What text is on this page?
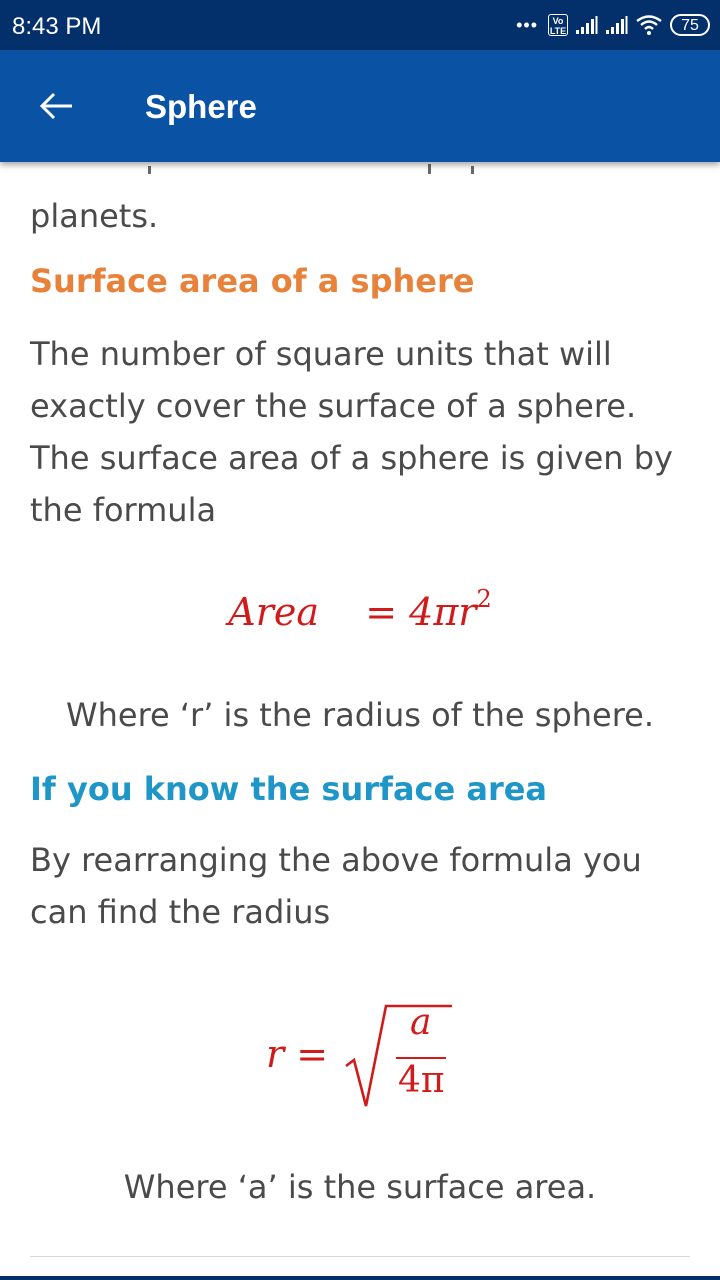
8:43 PM	•••	Vo LTE	75
Sphere

planets.

Surface area of a sphere

The number of square units that will exactly cover the surface of a sphere. The surface area of a sphere is given by the formula

Area = $4\pi r^2$

Where ‘r’ is the radius of the sphere.

If you know the surface area

By rearranging the above formula you can find the radius

r =
a
4π

Where ‘a’ is the surface area.
